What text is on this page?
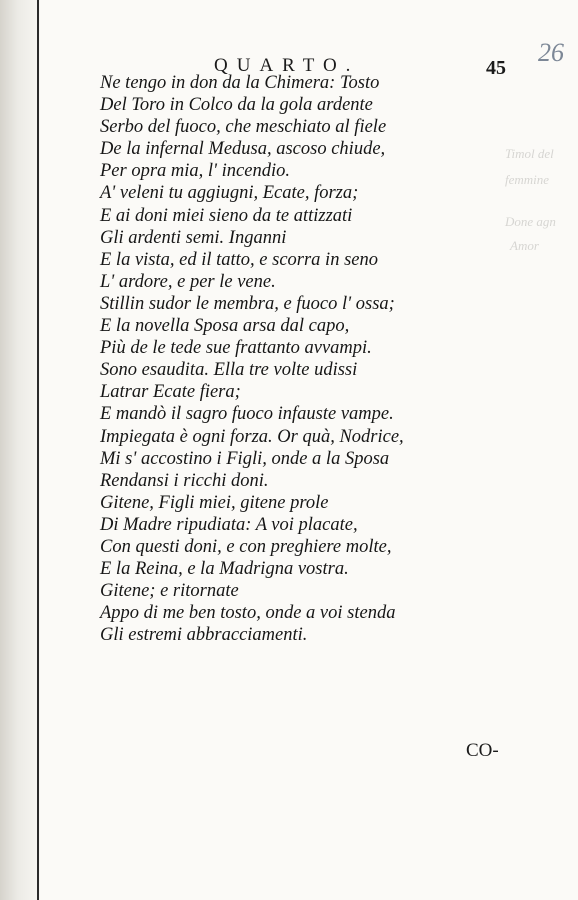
Timol del
femmine
Done agn
Amor
QUARTO.	45
26
Ne tengo in don da la Chimera: Tosto
Del Toro in Colco da la gola ardente
Serbo del fuoco, che meschiato al fiele
De la infernal Medusa, ascoso chiude,
Per opra mia, l' incendio.
A' veleni tu aggiugni, Ecate, forza;
E ai doni miei sieno da te attizzati
Gli ardenti semi. Inganni
E la vista, ed il tatto, e scorra in seno
L' ardore, e per le vene.
Stillin sudor le membra, e fuoco l' ossa;
E la novella Sposa arsa dal capo,
Più de le tede sue frattanto avvampi.
Sono esaudita. Ella tre volte udissi
Latrar Ecate fiera;
E mandò il sagro fuoco infauste vampe.
Impiegata è ogni forza. Or quà, Nodrice,
Mi s' accostino i Figli, onde a la Sposa
Rendansi i ricchi doni.
Gitene, Figli miei, gitene prole
Di Madre ripudiata: A voi placate,
Con questi doni, e con preghiere molte,
E la Reina, e la Madrigna vostra.
Gitene; e ritornate
Appo di me ben tosto, onde a voi stenda
Gli estremi abbracciamenti.
CO-
